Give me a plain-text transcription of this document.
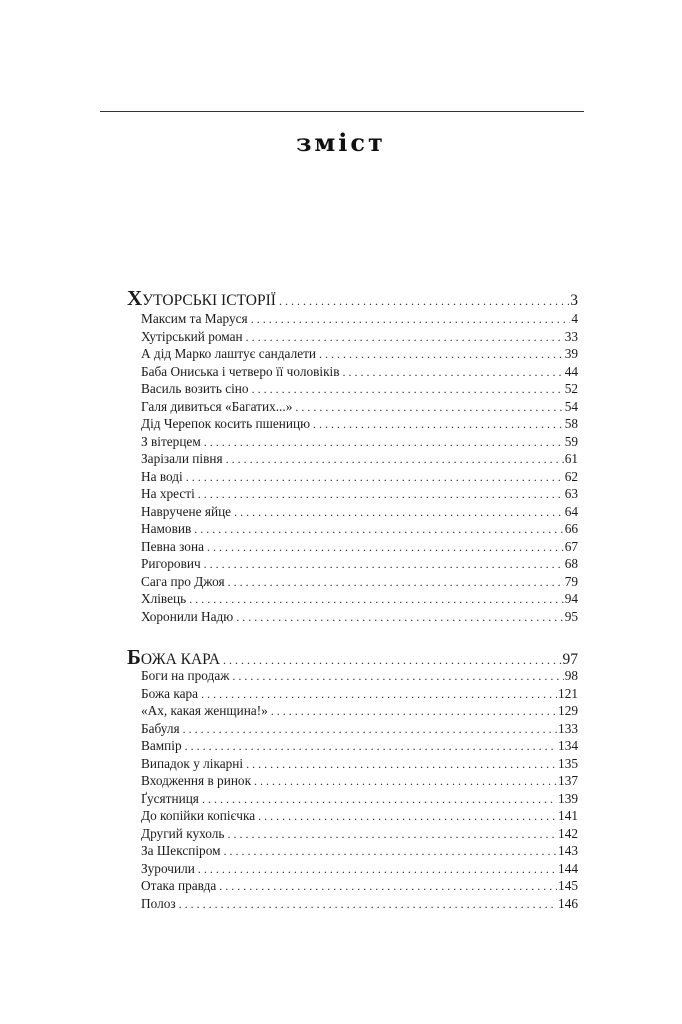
зміст
ХУТОРСЬКІ ІСТОРІЇ . . .	3
Максим та Маруся . . .	4
Хутірський роман . . .	33
А дід Марко лаштує сандалети . . .	39
Баба Ониська і четверо її чоловіків . . .	44
Василь возить сіно . . .	52
Галя дивиться «Багатих...» . . .	54
Дід Черепок косить пшеницю . . .	58
З вітерцем . . .	59
Зарізали півня . . .	61
На воді . . .	62
На хресті . . .	63
Навручене яйце . . .	64
Намовив . . .	66
Певна зона . . .	67
Ригорович . . .	68
Сага про Джоя . . .	79
Хлівець . . .	94
Хоронили Надю . . .	95
БОЖА КАРА . . .	97
Боги на продаж . . .	98
Божа кара . . .	121
«Ах, какая женщина!» . . .	129
Бабуля . . .	133
Вампір . . .	134
Випадок у лікарні . . .	135
Входження в ринок . . .	137
Ґусятниця . . .	139
До копійки копієчка . . .	141
Другий кухоль . . .	142
За Шекспіром . . .	143
Зурочили . . .	144
Отака правда . . .	145
Полоз . . .	146
